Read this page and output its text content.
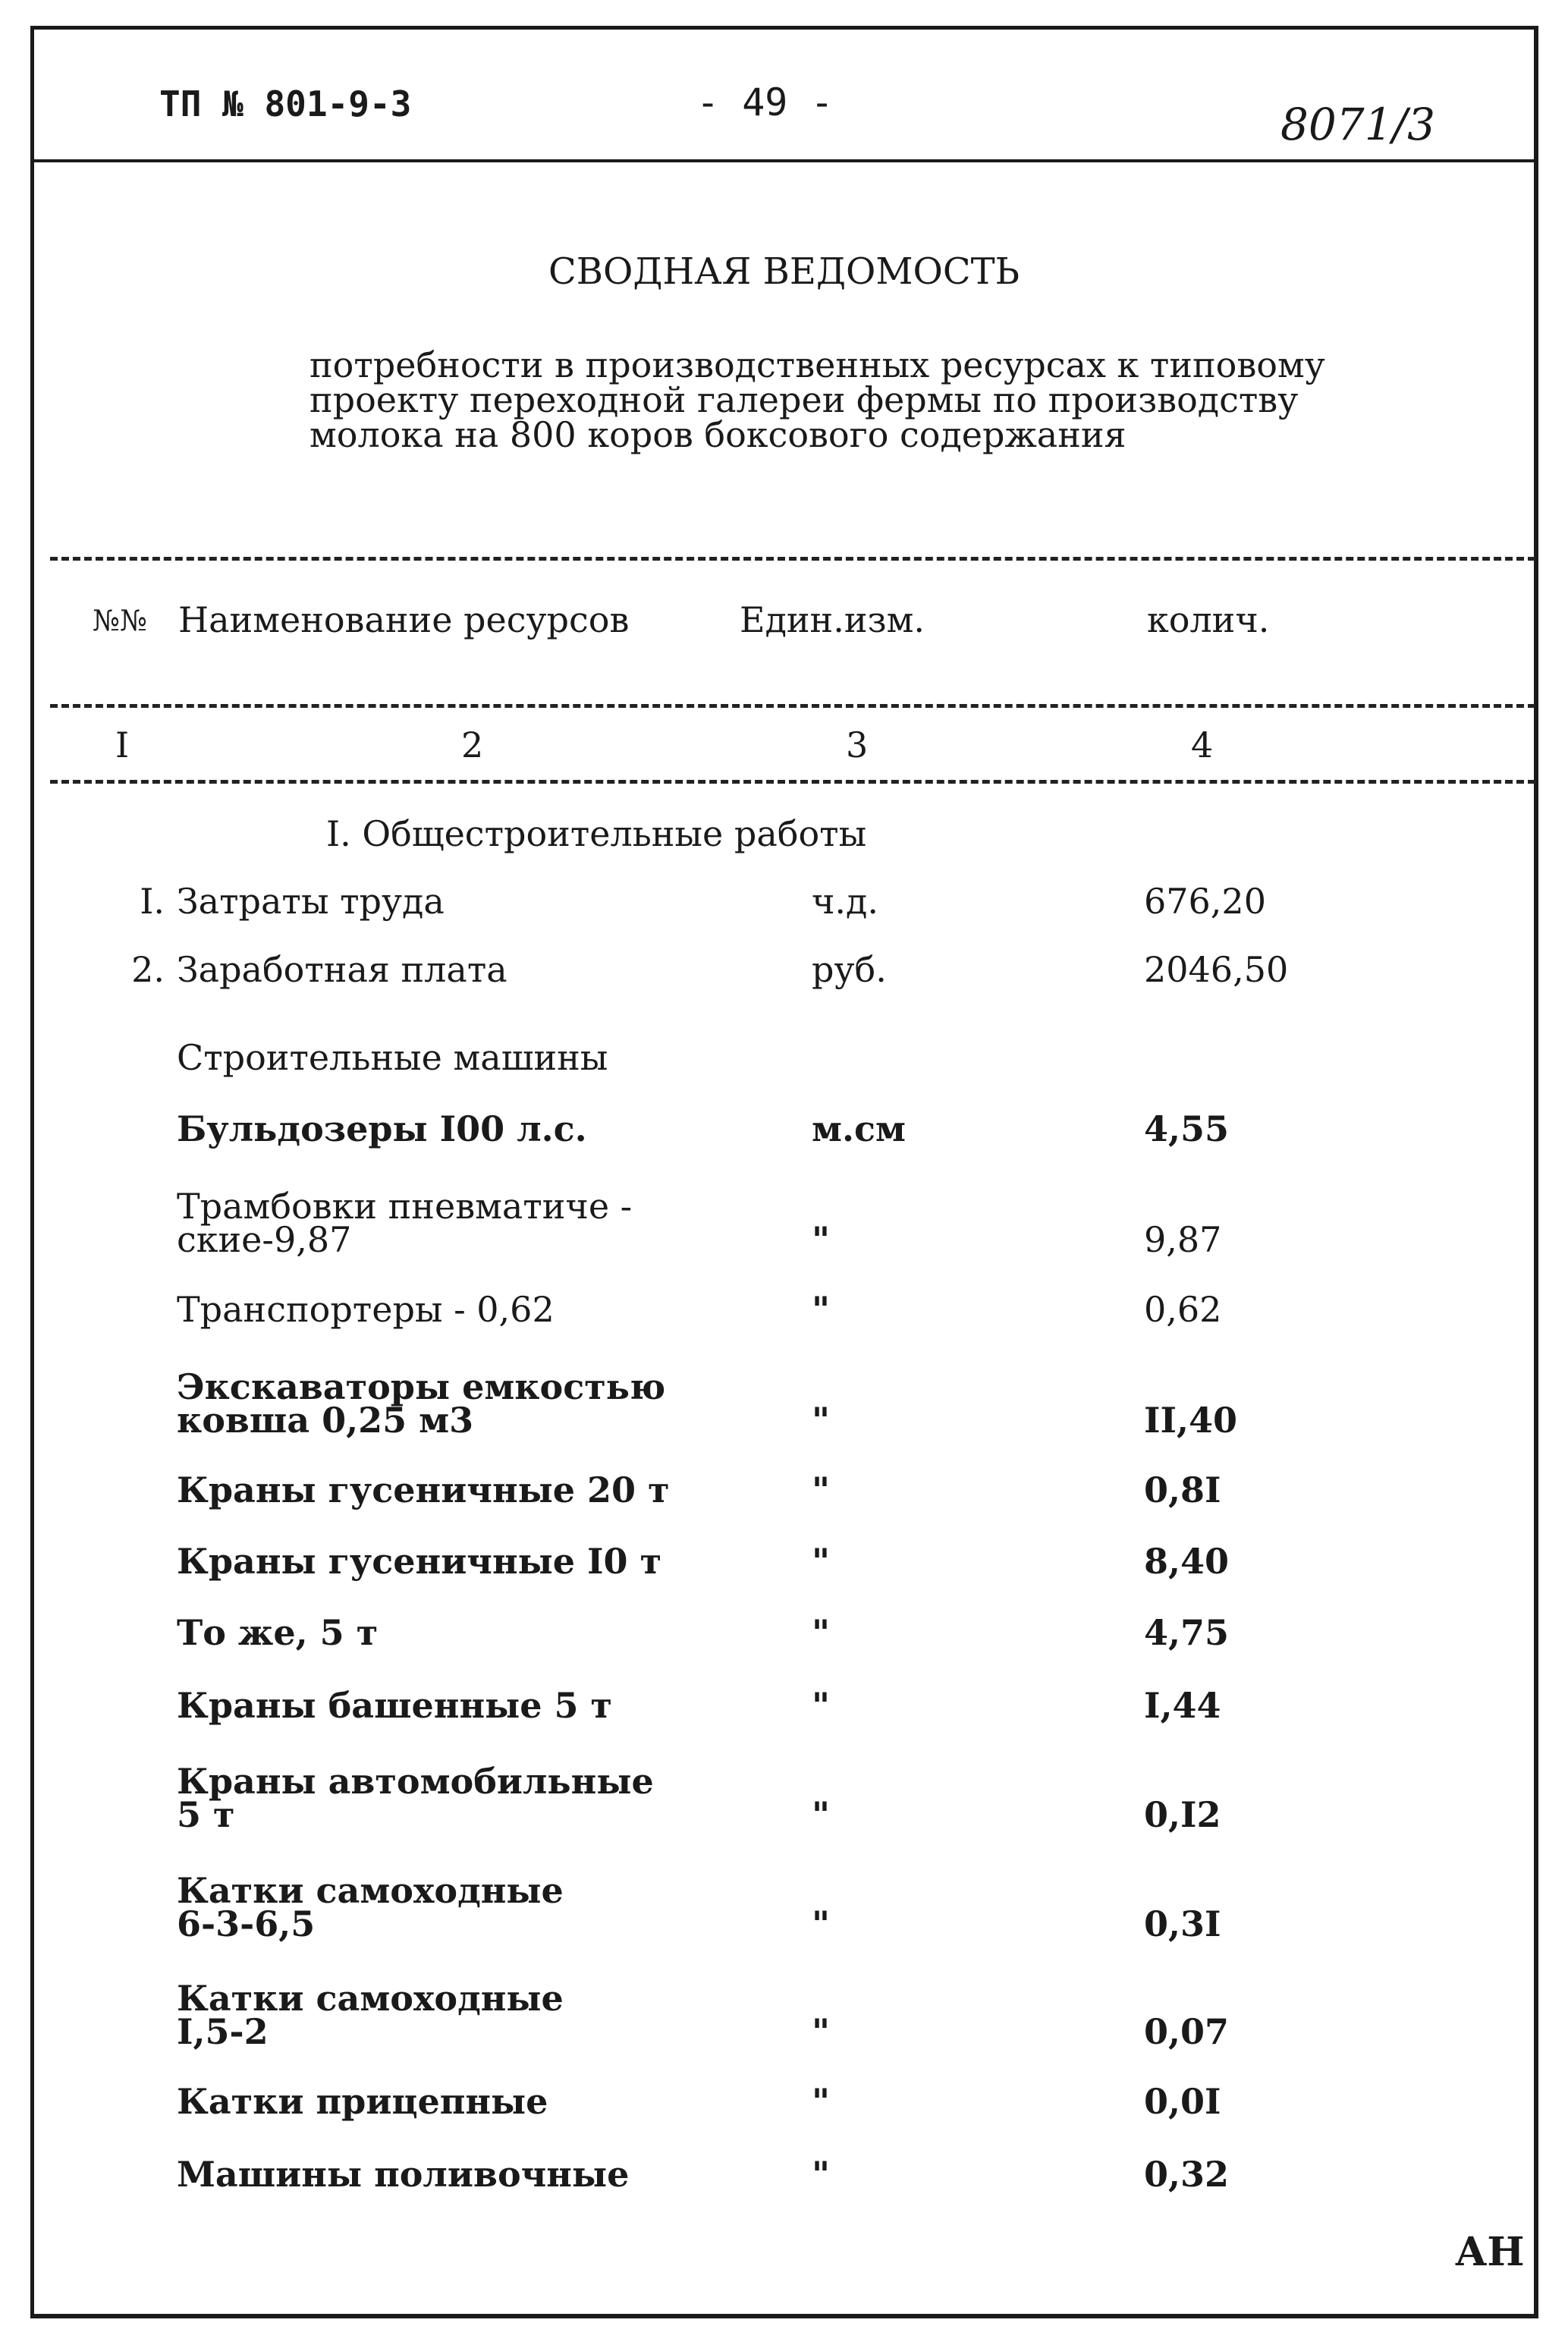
ТП № 801-9-3	- 49 -	8071/3
СВОДНАЯ ВЕДОМОСТЬ
потребности в производственных ресурсах к типовому
проекту переходной галереи фермы по производству
молока на 800 коров боксового содержания
№№ Наименование ресурсов	Един.изм.	колич.
I	2	3	4
I. Общестроительные работы
I. Затраты труда	ч.д.	676,20
2. Заработная плата	руб.	2046,50
Строительные машины
Бульдозеры I00 л.с.	м.см	4,55
Трамбовки пневматиче -
ские-9,87	"	9,87
Транспортеры - 0,62	"	0,62
Экскаваторы емкостью
ковша 0,25 м3	"	II,40
Краны гусеничные 20 т	"	0,8I
Краны гусеничные I0 т	"	8,40
То же, 5 т	"	4,75
Краны башенные 5 т	"	I,44
Краны автомобильные
5 т	"	0,I2
Катки самоходные
6-3-6,5	"	0,3I
Катки самоходные
I,5-2	"	0,07
Катки прицепные	"	0,0I
Машины поливочные	"	0,32
АН
